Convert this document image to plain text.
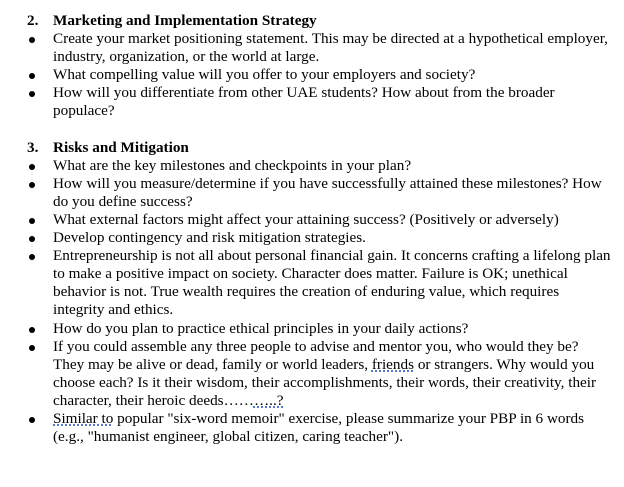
2. Marketing and Implementation Strategy
Create your market positioning statement. This may be directed at a hypothetical employer, industry, organization, or the world at large.
What compelling value will you offer to your employers and society?
How will you differentiate from other UAE students? How about from the broader populace?
3. Risks and Mitigation
What are the key milestones and checkpoints in your plan?
How will you measure/determine if you have successfully attained these milestones? How do you define success?
What external factors might affect your attaining success? (Positively or adversely)
Develop contingency and risk mitigation strategies.
Entrepreneurship is not all about personal financial gain. It concerns crafting a lifelong plan to make a positive impact on society. Character does matter. Failure is OK; unethical behavior is not. True wealth requires the creation of enduring value, which requires integrity and ethics.
How do you plan to practice ethical principles in your daily actions?
If you could assemble any three people to advise and mentor you, who would they be? They may be alive or dead, family or world leaders, friends or strangers. Why would you choose each? Is it their wisdom, their accomplishments, their words, their creativity, their character, their heroic deeds………..?
Similar to popular "six-word memoir" exercise, please summarize your PBP in 6 words (e.g., "humanist engineer, global citizen, caring teacher").
